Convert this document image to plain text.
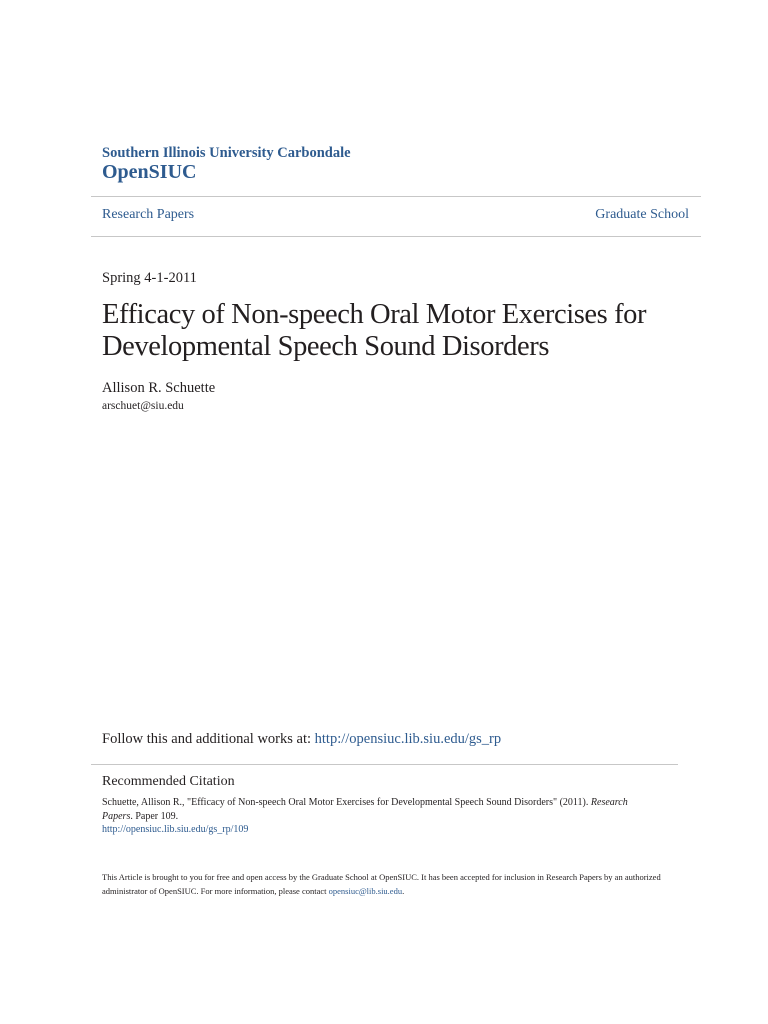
Southern Illinois University Carbondale
OpenSIUC
Research Papers	Graduate School
Spring 4-1-2011
Efficacy of Non-speech Oral Motor Exercises for Developmental Speech Sound Disorders
Allison R. Schuette
arschuet@siu.edu
Follow this and additional works at: http://opensiuc.lib.siu.edu/gs_rp
Recommended Citation
Schuette, Allison R., "Efficacy of Non-speech Oral Motor Exercises for Developmental Speech Sound Disorders" (2011). Research Papers. Paper 109.
http://opensiuc.lib.siu.edu/gs_rp/109
This Article is brought to you for free and open access by the Graduate School at OpenSIUC. It has been accepted for inclusion in Research Papers by an authorized administrator of OpenSIUC. For more information, please contact opensiuc@lib.siu.edu.
